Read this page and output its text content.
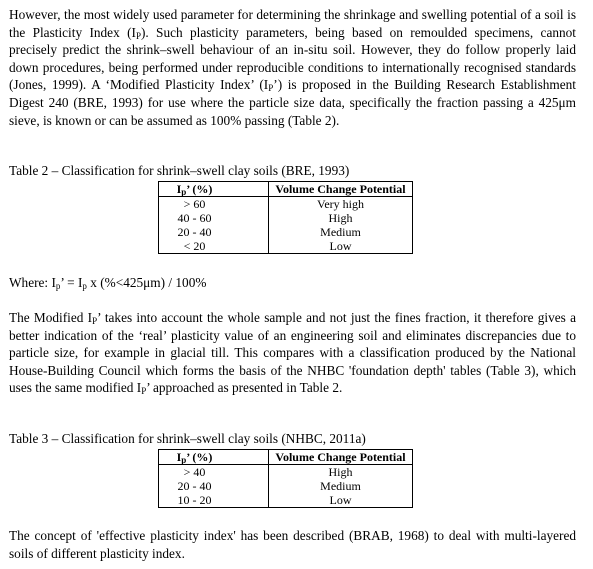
However, the most widely used parameter for determining the shrinkage and swelling potential of a soil is the Plasticity Index $(I_P)$. Such plasticity parameters, being based on remoulded specimens, cannot precisely predict the shrink–swell behaviour of an in-situ soil. However, they do follow properly laid down procedures, being performed under reproducible conditions to internationally recognised standards (Jones, 1999). A ‘Modified Plasticity Index’ $(I_P’)$ is proposed in the Building Research Establishment Digest 240 (BRE, 1993) for use where the particle size data, specifically the fraction passing a 425μm sieve, is known or can be assumed as 100% passing (Table 2).

Table 2 – Classification for shrink–swell clay soils (BRE, 1993)

$I_p$’ (%)	Volume Change Potential
> 60	Very high
40 - 60	High
20 - 40	Medium
< 20	Low

Where: $I_p$’ = $I_p$ x (%<425μm) / 100%

The Modified $I_P$’ takes into account the whole sample and not just the fines fraction, it therefore gives a better indication of the ‘real’ plasticity value of an engineering soil and eliminates discrepancies due to particle size, for example in glacial till. This compares with a classification produced by the National House-Building Council which forms the basis of the NHBC 'foundation depth' tables (Table 3), which uses the same modified $I_P$’ approached as presented in Table 2.

Table 3 – Classification for shrink–swell clay soils (NHBC, 2011a)

$I_p$’ (%)	Volume Change Potential
> 40	High
20 - 40	Medium
10 - 20	Low

The concept of 'effective plasticity index' has been described (BRAB, 1968) to deal with multi-layered soils of different plasticity index.
